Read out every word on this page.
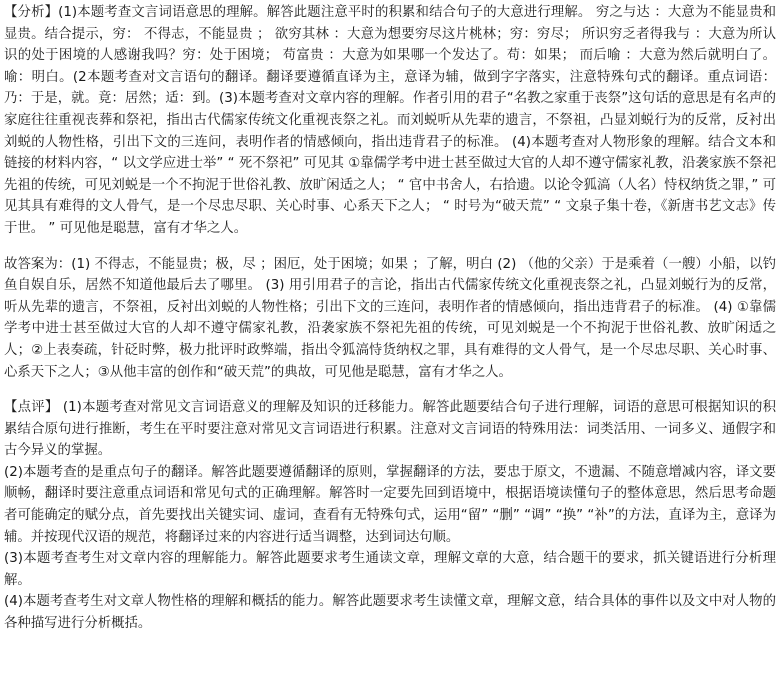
【分析】(1)本题考查文言词语意思的理解。解答此题注意平时的积累和结合句子的大意进行理解。 穷之与达 ：大意为不能显贵和显贵。结合提示，穷： 不得志，不能显贵 ； 欲穷其林 ：大意为想要穷尽这片桃林；穷：穷尽； 所识穷乏者得我与 ：大意为所认识的处于困境的人感谢我吗？穷：处于困境； 苟富贵 ：大意为如果哪一个发达了。苟：如果； 而后喻 ：大意为然后就明白了。喻：明白。(2本题考查对文言语句的翻译。翻译要遵循直译为主，意译为辅，做到字字落实，注意特殊句式的翻译。重点词语：乃：于是，就。竟：居然；适：到。(3)本题考查对文章内容的理解。作者引用的君子“名教之家重于丧祭”这句话的意思是有名声的家庭往往重视丧葬和祭祀，指出古代儒家传统文化重视丧祭之礼。而刘蜕听从先辈的遗言，不祭祖，凸显刘蜕行为的反常，反衬出刘蜕的人物性格，引出下文的三连问，表明作者的情感倾向，指出违背君子的标准。 (4)本题考查对人物形象的理解。结合文本和链接的材料内容，“ 以文学应进士举” “ 死不祭祀” 可见其 ①靠儒学考中进士甚至做过大官的人却不遵守儒家礼教，沿袭家族不祭祀先祖的传统，可见刘蜕是一个不拘泥于世俗礼教、放旷闲适之人； “ 官中书舍人，右拾遗。以论令狐滈（人名）恃权纳货之罪，” 可见其具有难得的文人骨气，是一个尽忠尽职、关心时事、心系天下之人； “ 时号为“破天荒” “ 文泉子集十卷，《新唐书艺文志》传于世。 ” 可见他是聪慧，富有才华之人。

故答案为：(1) 不得志，不能显贵；极，尽 ；困厄，处于困境；如果 ；了解，明白 (2) （他的父亲）于是乘着（一艘）小船，以钓鱼自娱自乐，居然不知道他最后去了哪里。 (3) 用引用君子的言论，指出古代儒家传统文化重视丧祭之礼，凸显刘蜕行为的反常，听从先辈的遗言，不祭祖，反衬出刘蜕的人物性格；引出下文的三连问，表明作者的情感倾向，指出违背君子的标准。 (4) ①靠儒学考中进士甚至做过大官的人却不遵守儒家礼教，沿袭家族不祭祀先祖的传统，可见刘蜕是一个不拘泥于世俗礼教、放旷闲适之人；②上表奏疏，针砭时弊，极力批评时政弊端，指出令狐滈恃货纳权之罪，具有难得的文人骨气，是一个尽忠尽职、关心时事、心系天下之人；③从他丰富的创作和“破天荒”的典故，可见他是聪慧，富有才华之人。

【点评】 (1)本题考查对常见文言词语意义的理解及知识的迁移能力。解答此题要结合句子进行理解，词语的意思可根据知识的积累结合原句进行推断，考生在平时要注意对常见文言词语进行积累。注意对文言词语的特殊用法：词类活用、一词多义、通假字和古今异义的掌握。

(2)本题考查的是重点句子的翻译。解答此题要遵循翻译的原则，掌握翻译的方法，要忠于原文，不遗漏、不随意增减内容，译文要顺畅，翻译时要注意重点词语和常见句式的正确理解。解答时一定要先回到语境中，根据语境读懂句子的整体意思，然后思考命题者可能确定的赋分点，首先要找出关键实词、虚词，查看有无特殊句式，运用“留” “删” “调” “换” “补”的方法，直译为主，意译为辅。并按现代汉语的规范，将翻译过来的内容进行适当调整，达到词达句顺。

(3)本题考查考生对文章内容的理解能力。解答此题要求考生通读文章，理解文章的大意，结合题干的要求，抓关键语进行分析理解。

(4)本题考查考生对文章人物性格的理解和概括的能力。解答此题要求考生读懂文章，理解文意，结合具体的事件以及文中对人物的各种描写进行分析概括。
